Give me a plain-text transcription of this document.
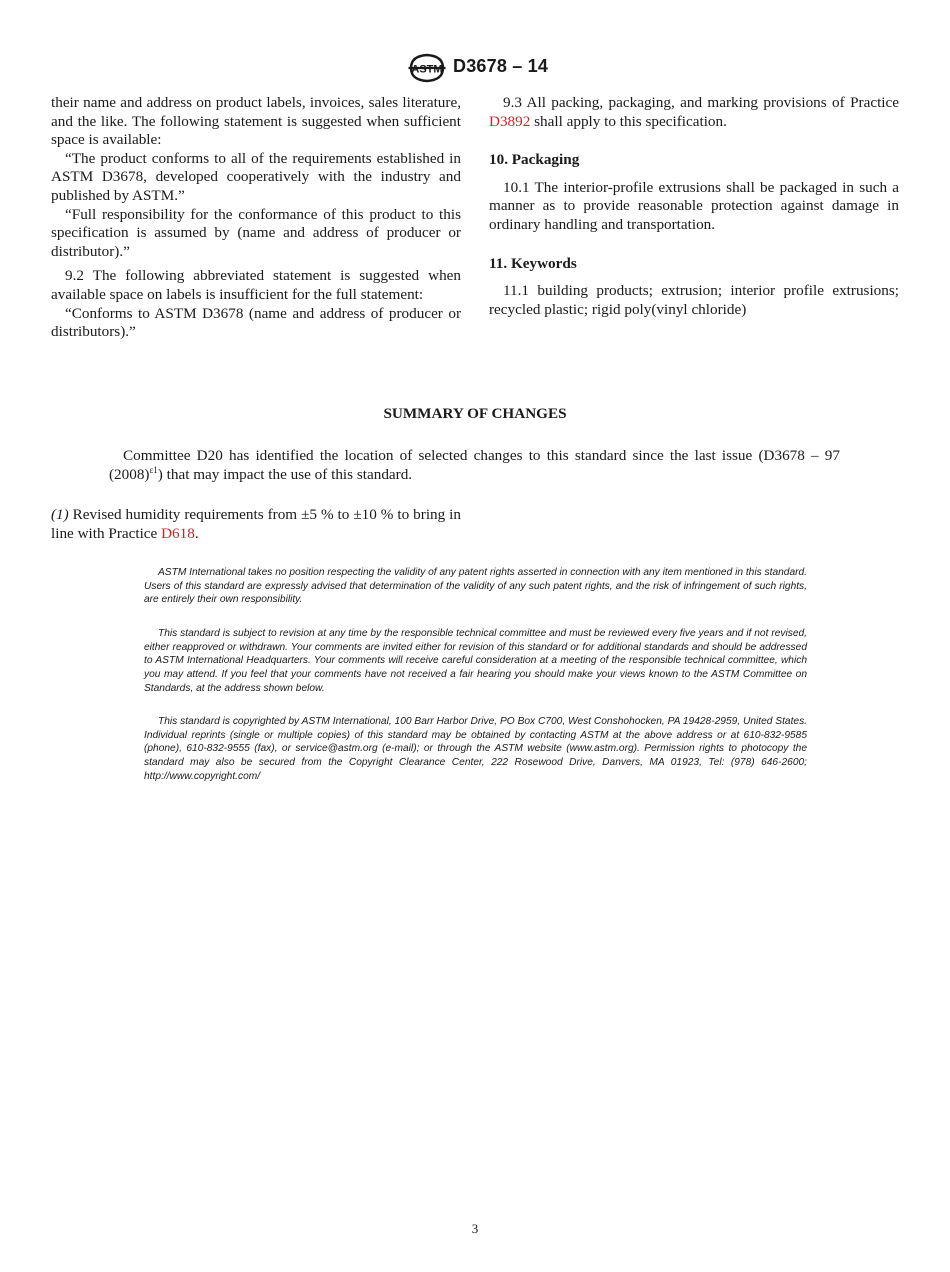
ASTM D3678 – 14

their name and address on product labels, invoices, sales literature, and the like. The following statement is suggested when sufficient space is available:

“The product conforms to all of the requirements established in ASTM D3678, developed cooperatively with the industry and published by ASTM.”

“Full responsibility for the conformance of this product to this specification is assumed by (name and address of producer or distributor).”

9.2 The following abbreviated statement is suggested when available space on labels is insufficient for the full statement:

“Conforms to ASTM D3678 (name and address of producer or distributors).”

9.3 All packing, packaging, and marking provisions of Practice D3892 shall apply to this specification.

10. Packaging

10.1 The interior-profile extrusions shall be packaged in such a manner as to provide reasonable protection against damage in ordinary handling and transportation.

11. Keywords

11.1 building products; extrusion; interior profile extrusions; recycled plastic; rigid poly(vinyl chloride)

SUMMARY OF CHANGES

Committee D20 has identified the location of selected changes to this standard since the last issue (D3678 – 97 $(2008)^{\varepsilon 1}$) that may impact the use of this standard.

(1) Revised humidity requirements from ±5 % to ±10 % to bring in line with Practice D618.

ASTM International takes no position respecting the validity of any patent rights asserted in connection with any item mentioned in this standard. Users of this standard are expressly advised that determination of the validity of any such patent rights, and the risk of infringement of such rights, are entirely their own responsibility.

This standard is subject to revision at any time by the responsible technical committee and must be reviewed every five years and if not revised, either reapproved or withdrawn. Your comments are invited either for revision of this standard or for additional standards and should be addressed to ASTM International Headquarters. Your comments will receive careful consideration at a meeting of the responsible technical committee, which you may attend. If you feel that your comments have not received a fair hearing you should make your views known to the ASTM Committee on Standards, at the address shown below.

This standard is copyrighted by ASTM International, 100 Barr Harbor Drive, PO Box C700, West Conshohocken, PA 19428-2959, United States. Individual reprints (single or multiple copies) of this standard may be obtained by contacting ASTM at the above address or at 610-832-9585 (phone), 610-832-9555 (fax), or service@astm.org (e-mail); or through the ASTM website (www.astm.org). Permission rights to photocopy the standard may also be secured from the Copyright Clearance Center, 222 Rosewood Drive, Danvers, MA 01923, Tel: (978) 646-2600; http://www.copyright.com/

3
